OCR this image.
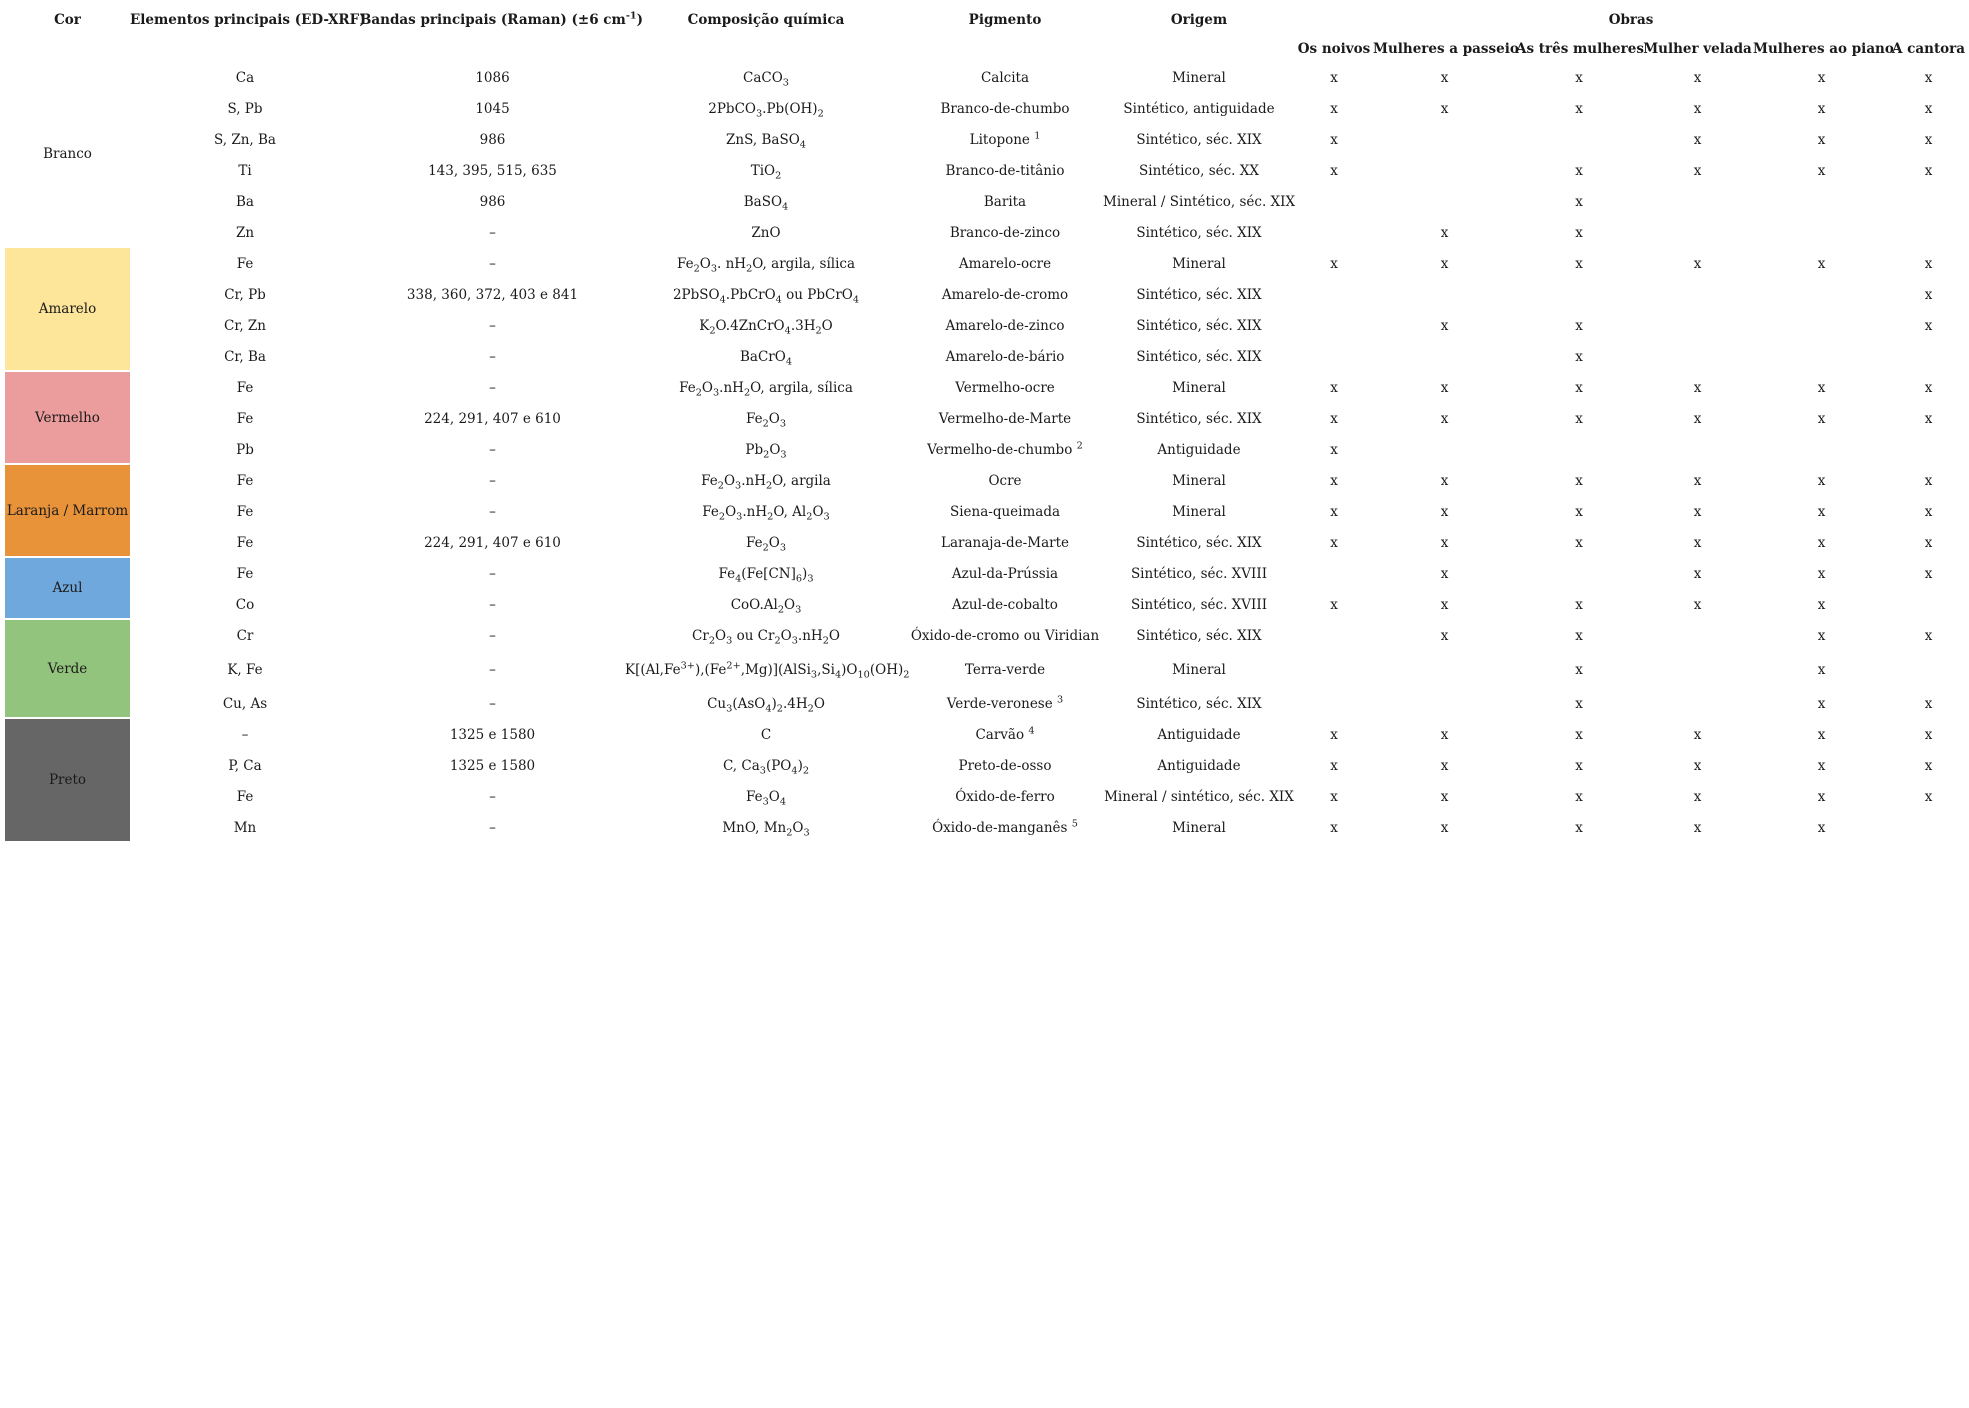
Cor	Elementos principais (ED-XRF)	Bandas principais (Raman) (±6 $cm^{-1}$)	Composição química	Pigmento	Origem	Obras					
						Os noivos	Mulheres a passeio	As três mulheres	Mulher velada	Mulheres ao piano	A cantora
Branco	Ca	1086	CaCO$_3$	Calcita	Mineral	x	x	x	x	x	x
	S, Pb	1045	$2PbCO_3.Pb(OH)_2$	Branco-de-chumbo	Sintético, antiguidade	x	x	x	x	x	x
	S, Zn, Ba	986	ZnS, BaSO$_4$	Litopone $^1$	Sintético, séc. XIX	x			x	x	x
	Ti	143, 395, 515, 635	TiO$_2$	Branco-de-titânio	Sintético, séc. XX	x		x	x	x	x
	Ba	986	BaSO$_4$	Barita	Mineral / Sintético, séc. XIX			x			
	Zn	–	ZnO	Branco-de-zinco	Sintético, séc. XIX		x	x			
Amarelo	Fe	–	$Fe_2O_3$. $nH_2O$, argila, sílica	Amarelo-ocre	Mineral	x	x	x	x	x	x
	Cr, Pb	338, 360, 372, 403 e 841	2PbSO$_4$.PbCrO$_4$ ou PbCrO$_4$	Amarelo-de-cromo	Sintético, séc. XIX						x
	Cr, Zn	–	$K_2O.4ZnCrO_4.3H_2O$	Amarelo-de-zinco	Sintético, séc. XIX		x	x			x
	Cr, Ba	–	BaCrO$_4$	Amarelo-de-bário	Sintético, séc. XIX			x			
Vermelho	Fe	–	$Fe_2O_3.nH_2O$, argila, sílica	Vermelho-ocre	Mineral	x	x	x	x	x	x
	Fe	224, 291, 407 e 610	$Fe_2O_3$	Vermelho-de-Marte	Sintético, séc. XIX	x	x	x	x	x	x
	Pb	–	$Pb_2O_3$	Vermelho-de-chumbo $^2$	Antiguidade	x					
Laranja / Marrom	Fe	–	$Fe_2O_3.nH_2O$, argila	Ocre	Mineral	x	x	x	x	x	x
	Fe	–	$Fe_2O_3.nH_2O$, $Al_2O_3$	Siena-queimada	Mineral	x	x	x	x	x	x
	Fe	224, 291, 407 e 610	$Fe_2O_3$	Laranaja-de-Marte	Sintético, séc. XIX	x	x	x	x	x	x
Azul	Fe	–	$Fe_4(Fe[CN]_6)_3$	Azul-da-Prússia	Sintético, séc. XVIII		x		x	x	x
	Co	–	$CoO.Al_2O_3$	Azul-de-cobalto	Sintético, séc. XVIII	x	x	x	x	x	
Verde	Cr	–	$Cr_2O_3$ ou $Cr_2O_3.nH_2O$	Óxido-de-cromo ou Viridian	Sintético, séc. XIX		x	x		x	x
	K, Fe	–	$K[(Al,Fe^{3+}),(Fe^{2+},Mg)](AlSi_3,Si_4)O_{10}(OH)_2$	Terra-verde	Mineral			x		x	
	Cu, As	–	$Cu_3(AsO_4)_2.4H_2O$	Verde-veronese $^3$	Sintético, séc. XIX			x		x	x
Preto	–	1325 e 1580	C	Carvão $^4$	Antiguidade	x	x	x	x	x	x
	P, Ca	1325 e 1580	C, $Ca_3(PO_4)_2$	Preto-de-osso	Antiguidade	x	x	x	x	x	x
	Fe	–	$Fe_3O_4$	Óxido-de-ferro	Mineral / sintético, séc. XIX	x	x	x	x	x	x
	Mn	–	MnO, $Mn_2O_3$	Óxido-de-manganês $^5$	Mineral	x	x	x	x	x	
